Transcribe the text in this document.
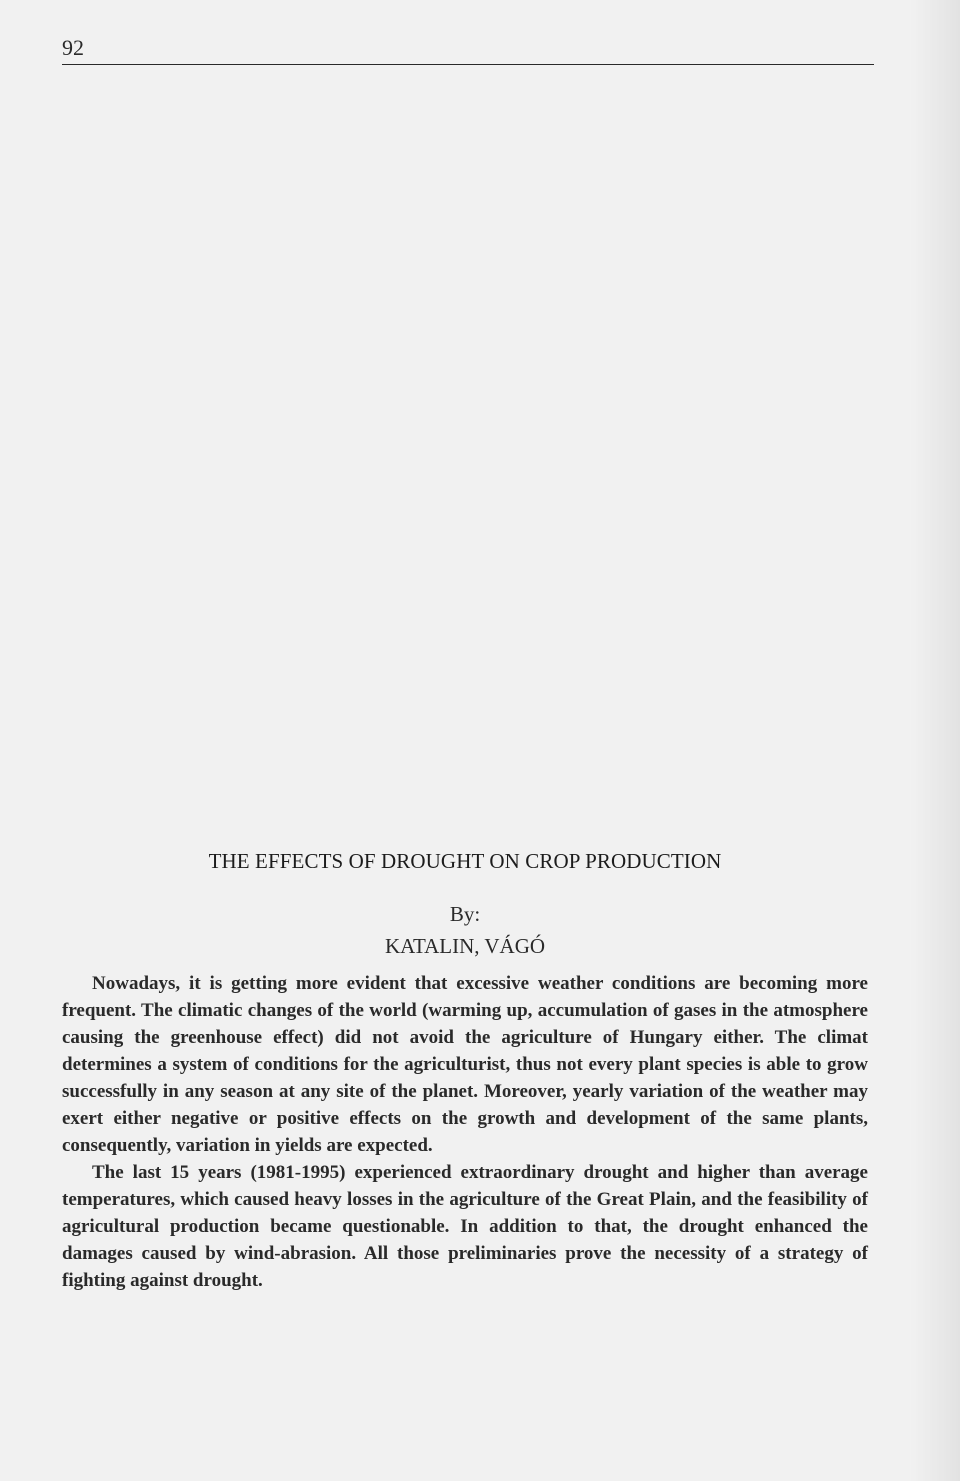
92
THE EFFECTS OF DROUGHT ON CROP PRODUCTION
By:
KATALIN, VÁGÓ

Nowadays, it is getting more evident that excessive weather conditions are becoming more frequent. The climatic changes of the world (warming up, accumulation of gases in the atmosphere causing the greenhouse effect) did not avoid the agriculture of Hungary either. The climat determines a system of conditions for the agriculturist, thus not every plant species is able to grow successfully in any season at any site of the planet. Moreover, yearly variation of the weather may exert either negative or positive effects on the growth and development of the same plants, consequently, variation in yields are expected.

The last 15 years (1981-1995) experienced extraordinary drought and higher than average temperatures, which caused heavy losses in the agriculture of the Great Plain, and the feasibility of agricultural production became questionable. In addition to that, the drought enhanced the damages caused by wind-abrasion. All those preliminaries prove the necessity of a strategy of fighting against drought.
